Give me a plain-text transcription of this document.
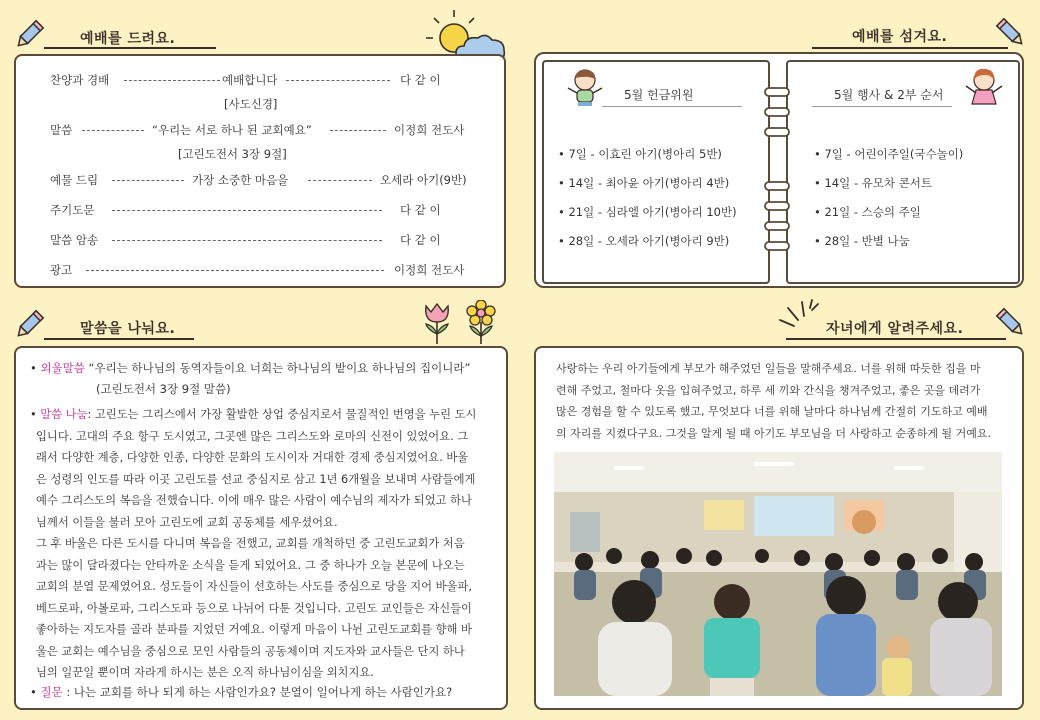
예배를 드려요.
찬양과 경배	예배합니다	다 같 이
[사도신경]
말씀	“우리는 서로 하나 된 교회예요”	이정희 전도사
[고린도전서 3장 9절]
예물 드림	가장 소중한 마음을	오세라 아기(9반)
주기도문	다 같 이
말씀 암송	다 같 이
광고	이정희 전도사
예배를 섬겨요.
5월 헌금위원
• 7일 - 이효린 아기(병아리 5반)
• 14일 - 최아윤 아기(병아리 4반)
• 21일 - 심라엘 아기(병아리 10반)
• 28일 - 오세라 아기(병아리 9반)
5월 행사 & 2부 순서
• 7일 - 어린이주일(국수놀이)
• 14일 - 유모차 콘서트
• 21일 - 스승의 주일
• 28일 - 반별 나눔
말씀을 나눠요.
• 외울말씀 “우리는 하나님의 동역자들이요 너희는 하나님의 밭이요 하나님의 집이니라”
(고린도전서 3장 9절 말씀)
• 말씀 나눔: 고린도는 그리스에서 가장 활발한 상업 중심지로서 물질적인 번영을 누린 도시
입니다. 고대의 주요 항구 도시였고, 그곳엔 많은 그리스도와 로마의 신전이 있었어요. 그
래서 다양한 계층, 다양한 인종, 다양한 문화의 도시이자 거대한 경제 중심지였어요. 바울
은 성령의 인도를 따라 이곳 고린도를 선교 중심지로 삼고 1년 6개월을 보내며 사람들에게
예수 그리스도의 복음을 전했습니다. 이에 매우 많은 사람이 예수님의 제자가 되었고 하나
님께서 이들을 불러 모아 고린도에 교회 공동체를 세우셨어요.
그 후 바울은 다른 도시를 다니며 복음을 전했고, 교회를 개척하던 중 고린도교회가 처음
과는 많이 달라졌다는 안타까운 소식을 듣게 되었어요. 그 중 하나가 오늘 본문에 나오는
교회의 분열 문제였어요. 성도들이 자신들이 선호하는 사도를 중심으로 당을 지어 바울파,
베드로파, 아볼로파, 그리스도파 등으로 나뉘어 다툰 것입니다. 고린도 교인들은 자신들이
좋아하는 지도자를 골라 분파를 지었던 거예요. 이렇게 마음이 나뉜 고린도교회를 향해 바
울은 교회는 예수님을 중심으로 모인 사람들의 공동체이며 지도자와 교사들은 단지 하나
님의 일꾼일 뿐이며 자라게 하시는 분은 오직 하나님이심을 외치지요.
• 질문 : 나는 교회를 하나 되게 하는 사람인가요? 분열이 일어나게 하는 사람인가요?
자녀에게 알려주세요.
사랑하는 우리 아기들에게 부모가 해주었던 일들을 말해주세요. 너를 위해 따듯한 집을 마
련해 주었고, 철마다 옷을 입혀주었고, 하루 세 끼와 간식을 챙겨주었고, 좋은 곳을 데려가
많은 경험을 할 수 있도록 했고, 무엇보다 너를 위해 날마다 하나님께 간절히 기도하고 예배
의 자리를 지켰다구요. 그것을 알게 될 때 아기도 부모님을 더 사랑하고 순종하게 될 거예요.
